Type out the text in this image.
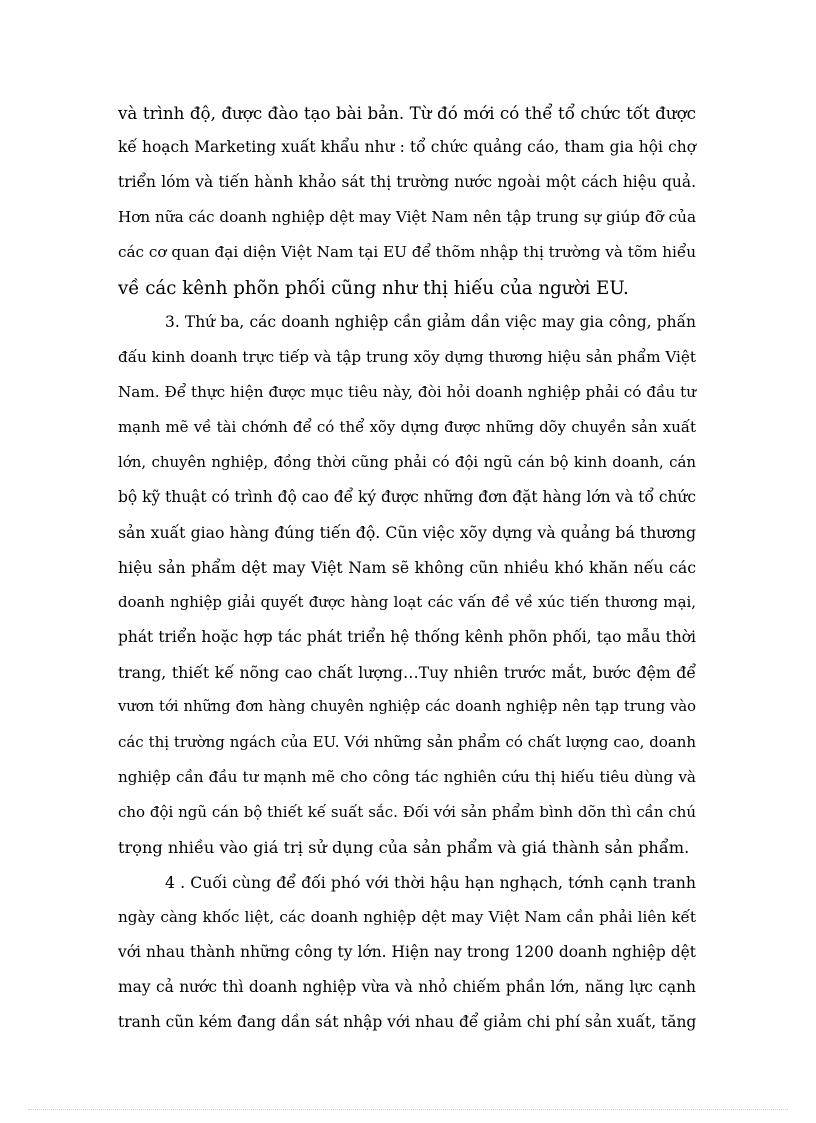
và trình độ, được đào tạo bài bản. Từ đó mới có thể tổ chức tốt được
kế hoạch Marketing xuất khẩu như : tổ chức quảng cáo, tham gia hội chợ
triển lóm và tiến hành khảo sát thị trường nước ngoài một cách hiệu quả.
Hơn nữa các doanh nghiệp dệt may Việt Nam nên tập trung sự giúp đỡ của
các cơ quan đại diện Việt Nam tại EU để thõm nhập thị trường và tõm hiểu
về các kênh phõn phối cũng như thị hiếu của người EU.
3. Thứ ba, các doanh nghiệp cần giảm dần việc may gia công, phấn
đấu kinh doanh trực tiếp và tập trung xõy dựng thương hiệu sản phẩm Việt
Nam. Để thực hiện được mục tiêu này, đòi hỏi doanh nghiệp phải có đầu tư
mạnh mẽ về tài chớnh để có thể xõy dựng được những dõy chuyền sản xuất
lớn, chuyên nghiệp, đồng thời cũng phải có đội ngũ cán bộ kinh doanh, cán
bộ kỹ thuật có trình độ cao để ký được những đơn đặt hàng lớn và tổ chức
sản xuất giao hàng đúng tiến độ. Cũn việc xõy dựng và quảng bá thương
hiệu sản phẩm dệt may Việt Nam sẽ không cũn nhiều khó khăn nếu các
doanh nghiệp giải quyết được hàng loạt các vấn đề về xúc tiến thương mại,
phát triển hoặc hợp tác phát triển hệ thống kênh phõn phối, tạo mẫu thời
trang, thiết kế nõng cao chất lượng…Tuy nhiên trước mắt, bước đệm để
vươn tới những đơn hàng chuyên nghiệp các doanh nghiệp nên tạp trung vào
các thị trường ngách của EU. Với những sản phẩm có chất lượng cao, doanh
nghiệp cần đầu tư mạnh mẽ cho công tác nghiên cứu thị hiếu tiêu dùng và
cho đội ngũ cán bộ thiết kế suất sắc. Đối với sản phẩm bình dõn thì cần chú
trọng nhiều vào giá trị sử dụng của sản phẩm và giá thành sản phẩm.
4 . Cuối cùng để đối phó với thời hậu hạn nghạch, tớnh cạnh tranh
ngày càng khốc liệt, các doanh nghiệp dệt may Việt Nam cần phải liên kết
với nhau thành những công ty lớn. Hiện nay trong 1200 doanh nghiệp dệt
may cả nước thì doanh nghiệp vừa và nhỏ chiếm phần lớn, năng lực cạnh
tranh cũn kém đang dần sát nhập với nhau để giảm chi phí sản xuất, tăng
